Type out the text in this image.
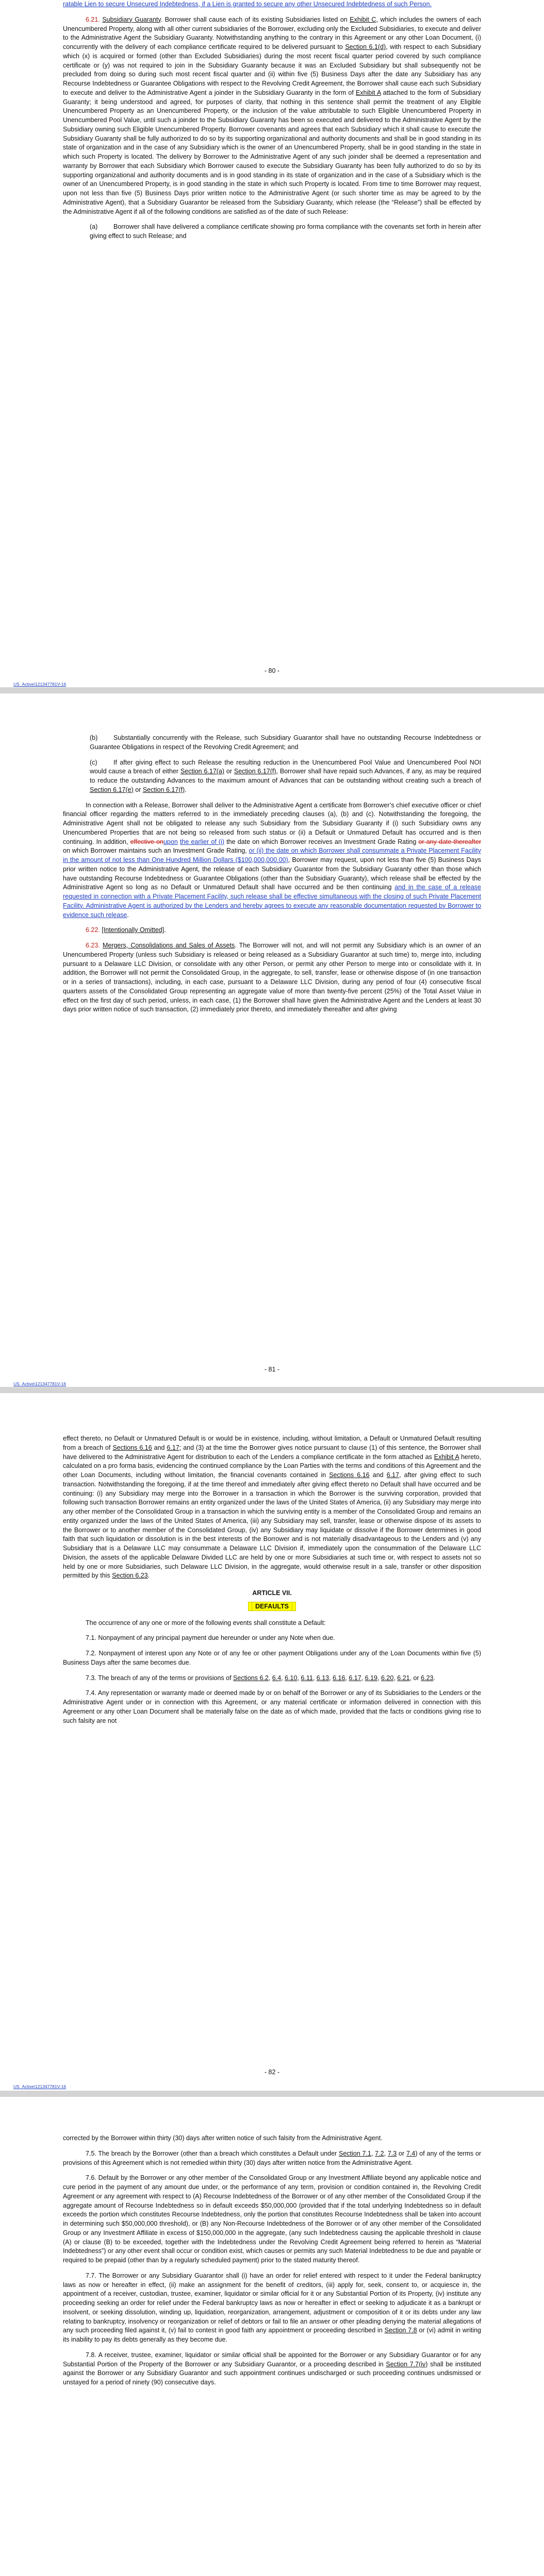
ratable Lien to secure Unsecured Indebtedness, if a Lien is granted to secure any other Unsecured Indebtedness of such Person.
6.21. Subsidiary Guaranty. Borrower shall cause each of its existing Subsidiaries listed on Exhibit C, which includes the owners of each Unencumbered Property, along with all other current subsidiaries of the Borrower, excluding only the Excluded Subsidiaries, to execute and deliver to the Administrative Agent the Subsidiary Guaranty. Notwithstanding anything to the contrary in this Agreement or any other Loan Document, (i) concurrently with the delivery of each compliance certificate required to be delivered pursuant to Section 6.1(d), with respect to each Subsidiary which (x) is acquired or formed (other than Excluded Subsidiaries) during the most recent fiscal quarter period covered by such compliance certificate or (y) was not required to join in the Subsidiary Guaranty because it was an Excluded Subsidiary but shall subsequently not be precluded from doing so during such most recent fiscal quarter and (ii) within five (5) Business Days after the date any Subsidiary has any Recourse Indebtedness or Guarantee Obligations with respect to the Revolving Credit Agreement, the Borrower shall cause each such Subsidiary to execute and deliver to the Administrative Agent a joinder in the Subsidiary Guaranty in the form of Exhibit A attached to the form of Subsidiary Guaranty; it being understood and agreed, for purposes of clarity, that nothing in this sentence shall permit the treatment of any Eligible Unencumbered Property as an Unencumbered Property, or the inclusion of the value attributable to such Eligible Unencumbered Property in Unencumbered Pool Value, until such a joinder to the Subsidiary Guaranty has been so executed and delivered to the Administrative Agent by the Subsidiary owning such Eligible Unencumbered Property. Borrower covenants and agrees that each Subsidiary which it shall cause to execute the Subsidiary Guaranty shall be fully authorized to do so by its supporting organizational and authority documents and shall be in good standing in its state of organization and in the case of any Subsidiary which is the owner of an Unencumbered Property, shall be in good standing in the state in which such Property is located. The delivery by Borrower to the Administrative Agent of any such joinder shall be deemed a representation and warranty by Borrower that each Subsidiary which Borrower caused to execute the Subsidiary Guaranty has been fully authorized to do so by its supporting organizational and authority documents and is in good standing in its state of organization and in the case of a Subsidiary which is the owner of an Unencumbered Property, is in good standing in the state in which such Property is located. From time to time Borrower may request, upon not less than five (5) Business Days prior written notice to the Administrative Agent (or such shorter time as may be agreed to by the Administrative Agent), that a Subsidiary Guarantor be released from the Subsidiary Guaranty, which release (the “Release”) shall be effected by the Administrative Agent if all of the following conditions are satisfied as of the date of such Release:
(a) Borrower shall have delivered a compliance certificate showing pro forma compliance with the covenants set forth in herein after giving effect to such Release; and
- 80 -
US_Active\121347781V-16
(b) Substantially concurrently with the Release, such Subsidiary Guarantor shall have no outstanding Recourse Indebtedness or Guarantee Obligations in respect of the Revolving Credit Agreement; and
(c)	If after giving effect to such Release the resulting reduction in the Unencumbered Pool Value and Unencumbered Pool NOI would cause a breach of either Section 6.17(a) or Section 6.17(f), Borrower shall have repaid such Advances, if any, as may be required to reduce the outstanding Advances to the maximum amount of Advances that can be outstanding without creating such a breach of Section 6.17(e) or Section 6.17(f).
In connection with a Release, Borrower shall deliver to the Administrative Agent a certificate from Borrower’s chief executive officer or chief financial officer regarding the matters referred to in the immediately preceding clauses (a), (b) and (c). Notwithstanding the foregoing, the Administrative Agent shall not be obligated to release any such Subsidiary from the Subsidiary Guaranty if (i) such Subsidiary owns any Unencumbered Properties that are not being so released from such status or (ii) a Default or Unmatured Default has occurred and is then continuing. In addition, effective onupon the earlier of (i) the date on which Borrower receives an Investment Grade Rating or any date thereafter on which Borrower maintains such an Investment Grade Rating, or (ii) the date on which Borrower shall consummate a Private Placement Facility in the amount of not less than One Hundred Million Dollars ($100,000,000.00), Borrower may request, upon not less than five (5) Business Days prior written notice to the Administrative Agent, the release of each Subsidiary Guarantor from the Subsidiary Guaranty other than those which have outstanding Recourse Indebtedness or Guarantee Obligations (other than the Subsidiary Guaranty), which release shall be effected by the Administrative Agent so long as no Default or Unmatured Default shall have occurred and be then continuing and in the case of a release requested in connection with a Private Placement Facility, such release shall be effective simultaneous with the closing of such Private Placement Facility. Administrative Agent is authorized by the Lenders and hereby agrees to execute any reasonable documentation requested by Borrower to evidence such release.
6.22. [Intentionally Omitted].
6.23. Mergers, Consolidations and Sales of Assets. The Borrower will not, and will not permit any Subsidiary which is an owner of an Unencumbered Property (unless such Subsidiary is released or being released as a Subsidiary Guarantor at such time) to, merge into, including pursuant to a Delaware LLC Division, or consolidate with any other Person, or permit any other Person to merge into or consolidate with it. In addition, the Borrower will not permit the Consolidated Group, in the aggregate, to sell, transfer, lease or otherwise dispose of (in one transaction or in a series of transactions), including, in each case, pursuant to a Delaware LLC Division, during any period of four (4) consecutive fiscal quarters assets of the Consolidated Group representing an aggregate value of more than twenty-five percent (25%) of the Total Asset Value in effect on the first day of such period, unless, in each case, (1) the Borrower shall have given the Administrative Agent and the Lenders at least 30 days prior written notice of such transaction, (2) immediately prior thereto, and immediately thereafter and after giving
- 81 -
US_Active\121347781V-16
effect thereto, no Default or Unmatured Default is or would be in existence, including, without limitation, a Default or Unmatured Default resulting from a breach of Sections 6.16 and 6.17; and (3) at the time the Borrower gives notice pursuant to clause (1) of this sentence, the Borrower shall have delivered to the Administrative Agent for distribution to each of the Lenders a compliance certificate in the form attached as Exhibit A hereto, calculated on a pro forma basis, evidencing the continued compliance by the Loan Parties with the terms and conditions of this Agreement and the other Loan Documents, including without limitation, the financial covenants contained in Sections 6.16 and 6.17, after giving effect to such transaction. Notwithstanding the foregoing, if at the time thereof and immediately after giving effect thereto no Default shall have occurred and be continuing: (i) any Subsidiary may merge into the Borrower in a transaction in which the Borrower is the surviving corporation, provided that following such transaction Borrower remains an entity organized under the laws of the United States of America, (ii) any Subsidiary may merge into any other member of the Consolidated Group in a transaction in which the surviving entity is a member of the Consolidated Group and remains an entity organized under the laws of the United States of America, (iii) any Subsidiary may sell, transfer, lease or otherwise dispose of its assets to the Borrower or to another member of the Consolidated Group, (iv) any Subsidiary may liquidate or dissolve if the Borrower determines in good faith that such liquidation or dissolution is in the best interests of the Borrower and is not materially disadvantageous to the Lenders and (v) any Subsidiary that is a Delaware LLC may consummate a Delaware LLC Division if, immediately upon the consummation of the Delaware LLC Division, the assets of the applicable Delaware Divided LLC are held by one or more Subsidiaries at such time or, with respect to assets not so held by one or more Subsidiaries, such Delaware LLC Division, in the aggregate, would otherwise result in a sale, transfer or other disposition permitted by this Section 6.23.
ARTICLE VII.
DEFAULTS
The occurrence of any one or more of the following events shall constitute a Default:
7.1. Nonpayment of any principal payment due hereunder or under any Note when due.
7.2. Nonpayment of interest upon any Note or of any fee or other payment Obligations under any of the Loan Documents within five (5) Business Days after the same becomes due.
7.3. The breach of any of the terms or provisions of Sections 6.2, 6.4, 6.10, 6.11, 6.13, 6.16, 6.17, 6.19, 6.20, 6.21, or 6.23.
7.4. Any representation or warranty made or deemed made by or on behalf of the Borrower or any of its Subsidiaries to the Lenders or the Administrative Agent under or in connection with this Agreement, or any material certificate or information delivered in connection with this Agreement or any other Loan Document shall be materially false on the date as of which made, provided that the facts or conditions giving rise to such falsity are not
- 82 -
US_Active\121347781V-16
corrected by the Borrower within thirty (30) days after written notice of such falsity from the Administrative Agent.
7.5. The breach by the Borrower (other than a breach which constitutes a Default under Section 7.1, 7.2, 7.3 or 7.4) of any of the terms or provisions of this Agreement which is not remedied within thirty (30) days after written notice from the Administrative Agent.
7.6. Default by the Borrower or any other member of the Consolidated Group or any Investment Affiliate beyond any applicable notice and cure period in the payment of any amount due under, or the performance of any term, provision or condition contained in, the Revolving Credit Agreement or any agreement with respect to (A) Recourse Indebtedness of the Borrower or of any other member of the Consolidated Group if the aggregate amount of Recourse Indebtedness so in default exceeds $50,000,000 (provided that if the total underlying Indebtedness so in default exceeds the portion which constitutes Recourse Indebtedness, only the portion that constitutes Recourse Indebtedness shall be taken into account in determining such $50,000,000 threshold), or (B) any Non-Recourse Indebtedness of the Borrower or of any other member of the Consolidated Group or any Investment Affiliate in excess of $150,000,000 in the aggregate, (any such Indebtedness causing the applicable threshold in clause (A) or clause (B) to be exceeded, together with the Indebtedness under the Revolving Credit Agreement being referred to herein as “Material Indebtedness”) or any other event shall occur or condition exist, which causes or permits any such Material Indebtedness to be due and payable or required to be prepaid (other than by a regularly scheduled payment) prior to the stated maturity thereof.
7.7. The Borrower or any Subsidiary Guarantor shall (i) have an order for relief entered with respect to it under the Federal bankruptcy laws as now or hereafter in effect, (ii) make an assignment for the benefit of creditors, (iii) apply for, seek, consent to, or acquiesce in, the appointment of a receiver, custodian, trustee, examiner, liquidator or similar official for it or any Substantial Portion of its Property, (iv) institute any proceeding seeking an order for relief under the Federal bankruptcy laws as now or hereafter in effect or seeking to adjudicate it as a bankrupt or insolvent, or seeking dissolution, winding up, liquidation, reorganization, arrangement, adjustment or composition of it or its debts under any law relating to bankruptcy, insolvency or reorganization or relief of debtors or fail to file an answer or other pleading denying the material allegations of any such proceeding filed against it, (v) fail to contest in good faith any appointment or proceeding described in Section 7.8 or (vi) admit in writing its inability to pay its debts generally as they become due.
7.8. A receiver, trustee, examiner, liquidator or similar official shall be appointed for the Borrower or any Subsidiary Guarantor or for any Substantial Portion of the Property of the Borrower or any Subsidiary Guarantor, or a proceeding described in Section 7.7(iv) shall be instituted against the Borrower or any Subsidiary Guarantor and such appointment continues undischarged or such proceeding continues undismissed or unstayed for a period of ninety (90) consecutive days.
